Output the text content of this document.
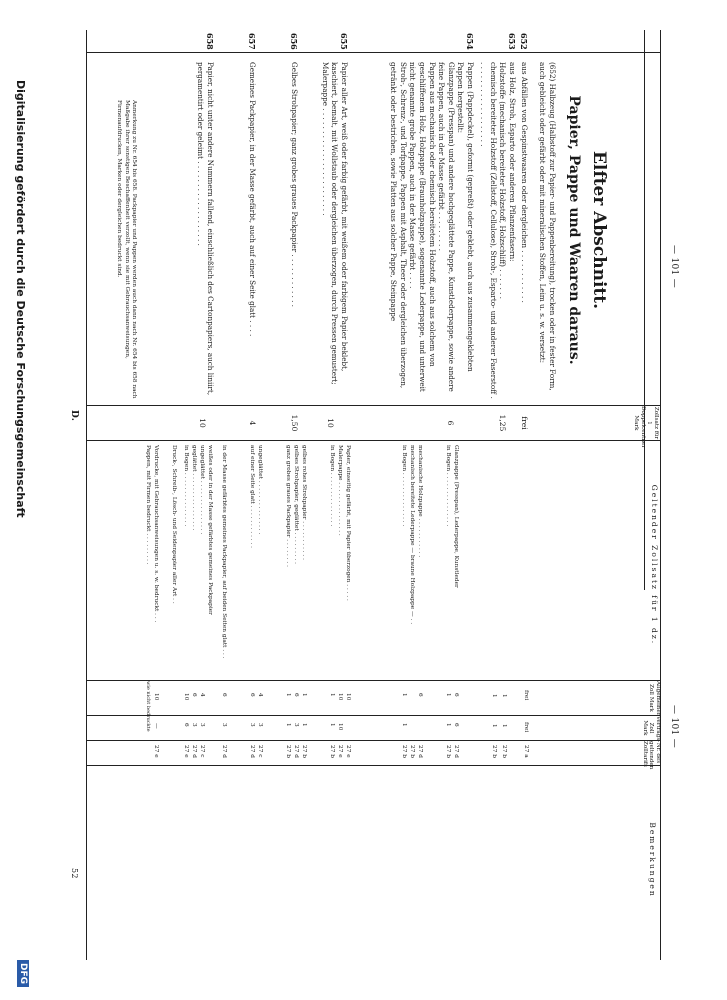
— 101 —
— 101 —
Elfter Abschnitt.
Papier, Pappe und Waaren daraus.
(652) Halbzeug (Halbstoff zur Papier- und Pappenbereitung), trocken oder in fester Form, auch gebleicht oder gefärbt oder mit mineralischen Stoffen, Leim u. s. w. versetzt:
652
aus Abfällen von Gespinstwaaren oder dergleichen . . . . . . . . . . . .
frei
653
aus Holz, Stroh, Esparto oder anderen Pflanzenfasern:
Holzstoffe (mechanisch bereiteter Holzstoff, Holzschliff) . . . . . . .
chemisch bereiteter Holzstoff (Zellstoff, Cellulose), Stroh-, Esparto- und anderer Faserstoff . . . . . . . . . . . . . . . . . . . .
1,25
654
Pappen (Pappdeckel), geformt (gepreßt) oder geklebt, auch aus zusammengeklebten Pappen hergestellt:
Glanzpappe (Presspan) und andere hochgeglättete Pappe, Kunstlederpappe, sowie andere feine Pappen, auch in der Masse gefärbt . . . . . . . . .
Pappen aus mechanisch oder chemisch bereitetem Holzstoff, auch aus solchem von geschliffenem Holz, Holzpappe (Braunholzpappe), sogenannte Lederpappe, und unterweit nicht genannte grobe Pappen, auch in der Masse gefärbt . . . .
Stroh-, Schrenz-, und Torfpappe, Pappen mit Asphalt, Theer oder dergleichen überzogen, getränkt oder bestrichen, sowie Platten aus solcher Pappe, Steinpappe
6
655
Papier aller Art, weiß oder farbig gefärbt, mit weißem oder farbigem Papier beklebt, kaschiert, bemalt, mit Wollstaub oder dergleichen überzogen, durch Pressen gemustert; Malerpappe . . . . . . . . . . . . . . . . . . . . . . . .
10
656
Gelbes Strohpapier; ganz grobes graues Packpapier . . . . . . . . . . . .
1,50
657
Gemeines Packpapier, in der Masse gefärbt, auch auf einer Seite glatt . . . .
4
658
Papier, nicht unter andere Nummern fallend, einschließlich des Cartonpapiers, auch liniirt, pergamentirt oder geleimt . . . . . . . . . . . . . . . . . . .
10
Anmerkung zu Nr. 654 bis 658. Packpapier und Pappen werden auch dann nach Nr. 654 bis 658 nach Maßgabe ihrer sonstigen Beschaffenheit verzollt, wenn sie mit Gebrauchsanweisungen, Firmenaufdrucken, Marken oder dergleichen bedruckt sind.
D.	Zollsatz für 1 Doppelcentner Mark
Geltender Zollsatz für 1 dz.
Allgemeiner Zoll Mark
Vertrags-Zoll Mark
Nr. des geltenden Zolltarifs
Bemerkungen
frei
frei
27 a
1
1
27 b
1
1
27 b
Glanzpappe (Presspan), Lederpappe, Kunstleder
6
6
27 d
in Bogen . . . . . . . . . . . . . . .
1
1
27 b
mechanische Holzpappe . . . . . . . . . . .
6
27 d
mechanisch bereitete Lederpappe — braune Holzpappe — . .
27 b
in Bogen . . . . . . . . . . . . . . .
1
1
27 b
Papier, einseitig gefärbt, mit Papier überzogen . . . . .
10
27 e
Malerpappe . . . . . . . . . . . . . . .
10
10
27 e
in Bogen . . . . . . . . . . . . . . .
1
1
27 b
gelbes rohes Strohpapier . . . . . . . . . . .
1
1
27 b
gelbes Strohpapier, geglättet . . . . . . . . .
6
3
27 d
ganz grobes graues Packpapier . . . . . . . .
1
1
27 b
ungeglättet . . . . . . . . . . . . . . .
4
3
27 c
auf einer Seite glatt . . . . . . . . . . . .
6
3
27 d
in der Masse gefärbtes gemeines Packpapier, auf beiden Seiten glatt . . .
6
3
27 d
weißes oder in der Masse gefärbtes gemeines Packpapier
ungeglättet . . . . . . . . . . . . . . .
4
3
27 c
geglättet . . . . . . . . . . . . . . . .
6
3
27 d
in Bogen . . . . . . . . . . . . . . .
10
6
27 e
Druck-, Schreib-, Lösch- und Seidenpapier aller Art . .
Vordrucke, mit Gebrauchsanweisungen u. s. w. bedruckt . . .
10
—
27 e
Pappen, mit Firmen bedruckt . . . . . . . . .
wie nicht bedruckte
52
Digitalisierung gefördert durch die Deutsche Forschungsgemeinschaft
DFG
